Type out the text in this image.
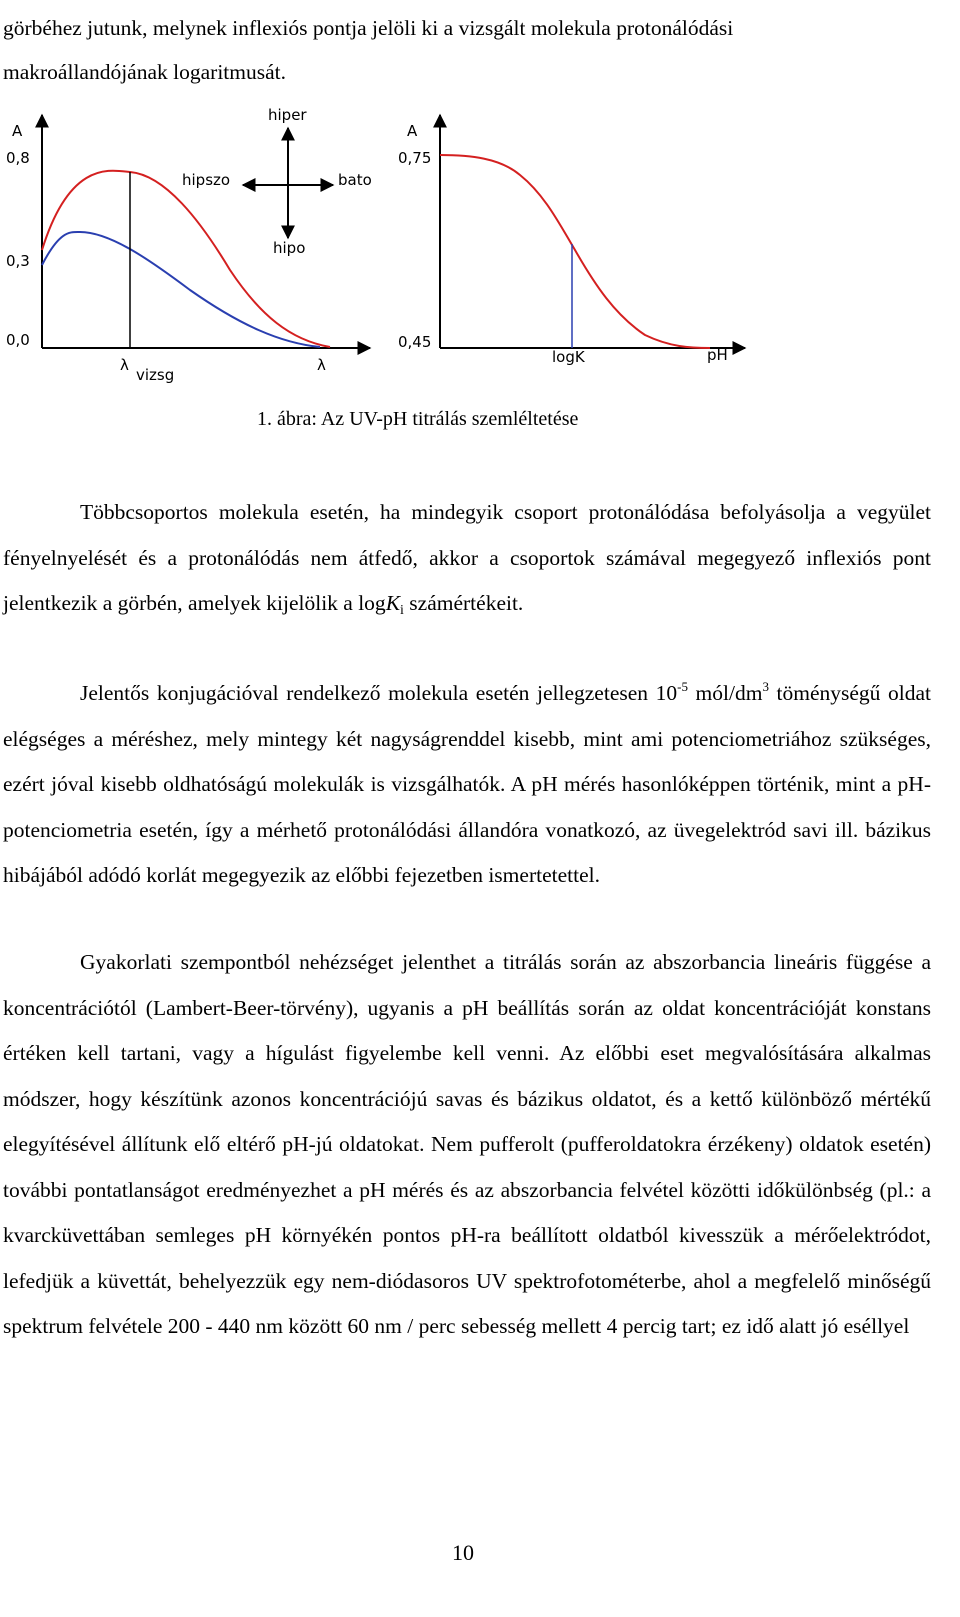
görbéhez jutunk, melynek inflexiós pontja jelöli ki a vizsgált molekula protonálódási
makroállandójának logaritmusát.

A
0,8
0,3
0,0
λ
vizsg
λ
hiper
hipo
hipszo	bato
A
0,75
0,45
logK	pH
1. ábra: Az UV-pH titrálás szemléltetése

Többcsoportos molekula esetén, ha mindegyik csoport protonálódása befolyásolja a vegyület fényelnyelését és a protonálódás nem átfedő, akkor a csoportok számával megegyező inflexiós pont jelentkezik a görbén, amelyek kijelölik a logK$_i$ számértékeit.

Jelentős konjugációval rendelkező molekula esetén jellegzetesen $10^{-5}$ mól/$dm^3$ töménységű oldat elégséges a méréshez, mely mintegy két nagyságrenddel kisebb, mint ami potenciometriához szükséges, ezért jóval kisebb oldhatóságú molekulák is vizsgálhatók. A pH mérés hasonlóképpen történik, mint a pH-potenciometria esetén, így a mérhető protonálódási állandóra vonatkozó, az üvegelektród savi ill. bázikus hibájából adódó korlát megegyezik az előbbi fejezetben ismertetettel.

Gyakorlati szempontból nehézséget jelenthet a titrálás során az abszorbancia lineáris függése a koncentrációtól (Lambert-Beer-törvény), ugyanis a pH beállítás során az oldat koncentrációját konstans értéken kell tartani, vagy a hígulást figyelembe kell venni. Az előbbi eset megvalósítására alkalmas módszer, hogy készítünk azonos koncentrációjú savas és bázikus oldatot, és a kettő különböző mértékű elegyítésével állítunk elő eltérő pH-jú oldatokat. Nem pufferolt (pufferoldatokra érzékeny) oldatok esetén) további pontatlanságot eredményezhet a pH mérés és az abszorbancia felvétel közötti időkülönbség (pl.: a kvarcküvettában semleges pH környékén pontos pH-ra beállított oldatból kivesszük a mérőelektródot, lefedjük a küvettát, behelyezzük egy nem-diódasoros UV spektrofotométerbe, ahol a megfelelő minőségű spektrum felvétele 200 - 440 nm között 60 nm / perc sebesség mellett 4 percig tart; ez idő alatt jó eséllyel

10
